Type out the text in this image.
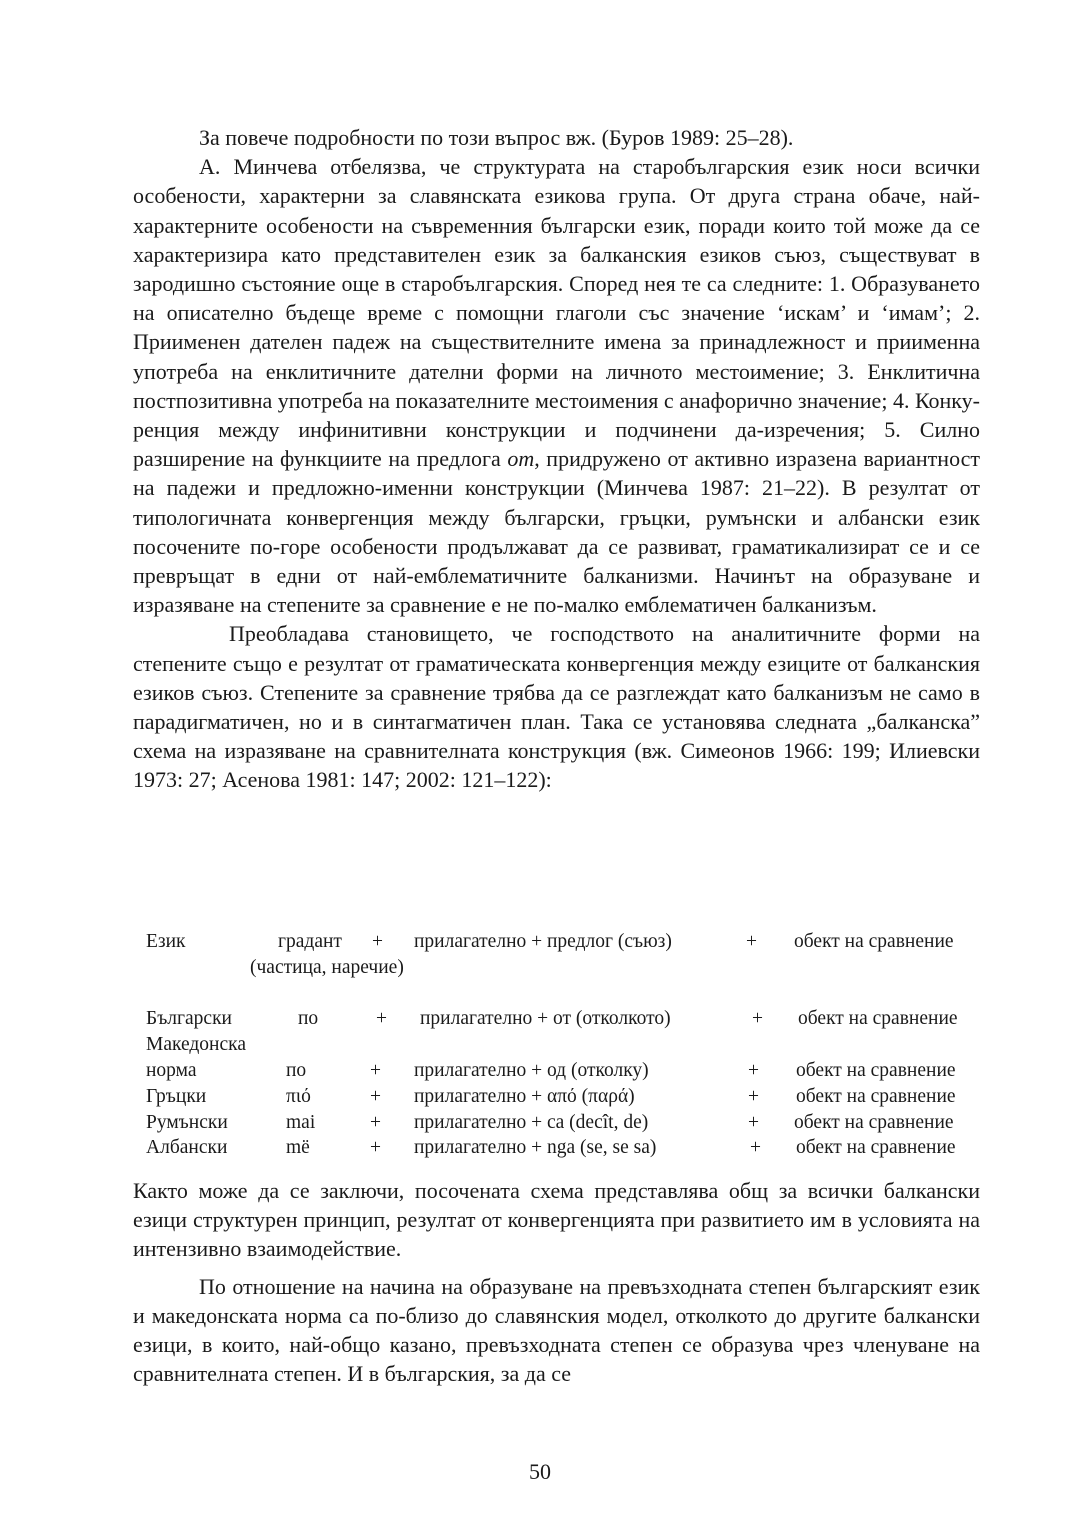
За повече подробности по този въпрос вж. (Буров 1989: 25–28).

А. Минчева отбелязва, че структурата на старобългарския език носи всички особености, характерни за славянската езикова група. От друга страна обаче, най-характерните особености на съвременния български език, поради които той може да се характеризира като представителен език за балканския езиков съюз, съществуват в зародишно състояние още в старобългарския. Според нея те са следните: 1. Образуването на описателно бъдеще време с помощни глаголи със значение ‘искам’ и ‘имам’; 2. Приименен дателен падеж на съществителните имена за принадлежност и приименна употреба на енклитичните дателни форми на личното местоимение; 3. Енклитична постпозитивна употреба на показателните местоимения с анафорично значение; 4. Конкуренция между инфинитивни конструкции и подчинени да-изречения; 5. Силно разширение на функциите на предлога от, придружено от активно изразена вариантност на падежи и предложно-именни конструкции (Минчева 1987: 21–22). В резултат от типологичната конвергенция между български, гръцки, румънски и албански език посочените по-горе особености продължават да се развиват, граматикализират се и се превръщат в едни от най-емблематичните балканизми. Начинът на образуване и изразяване на степените за сравнение е не по-малко емблематичен балканизъм.

Преобладава становището, че господството на аналитичните форми на степените също е резултат от граматическата конвергенция между езиците от балканския езиков съюз. Степените за сравнение трябва да се разглеждат като балканизъм не само в парадигматичен, но и в синтагматичен план. Така се установява следната „балканска” схема на изразяване на сравнителната конструкция (вж. Симеонов 1966: 199; Илиевски 1973: 27; Асенова 1981: 147; 2002: 121–122):

Език	градант + прилагателно + предлог (съюз)	+ обект на сравнение
(частица, наречие)
Български	по	+ прилагателно + от (отколкото)	+ обект на сравнение
Македонска
норма	по	+ прилагателно + од (отколку)	+ обект на сравнение
Гръцки	πιό	+ прилагателно + από (παρά)	+ обект на сравнение
Румънски	mai	+ прилагателно + ca (decît, de)	+ обект на сравнение
Албански	më	+ прилагателно + nga (se, se sa)	+ обект на сравнение

Както може да се заключи, посочената схема представлява общ за всички балкански езици структурен принцип, резултат от конвергенцията при развитието им в условията на интензивно взаимодействие.

По отношение на начина на образуване на превъзходната степен българският език и македонската норма са по-близо до славянския модел, отколкото до другите балкански езици, в които, най-общо казано, превъзходната степен се образува чрез членуване на сравнителната степен. И в българския, за да се

50
